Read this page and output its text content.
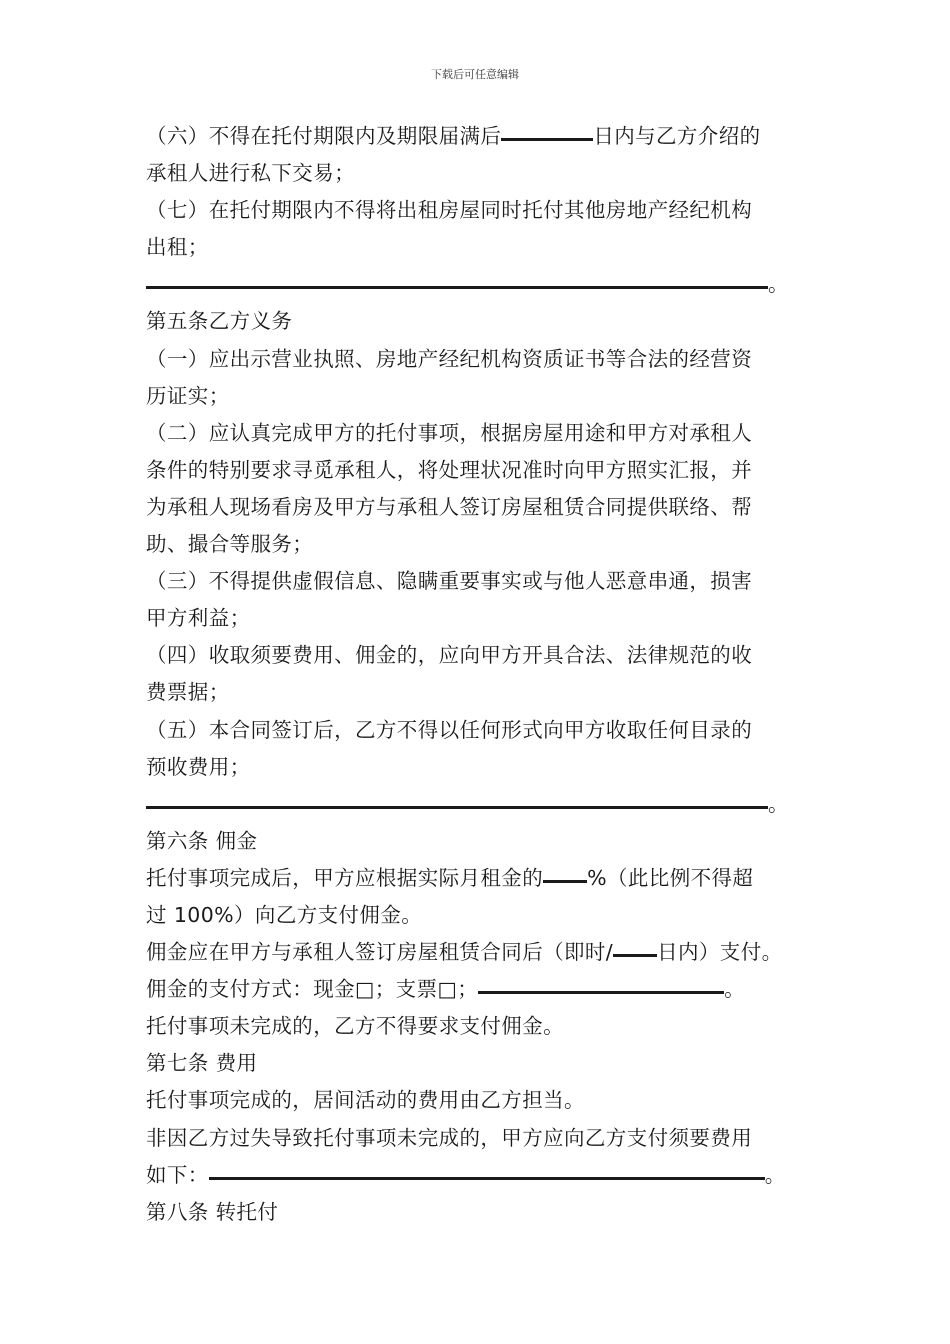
下载后可任意编辑
（六）不得在托付期限内及期限届满后	日内与乙方介绍的
承租人进行私下交易；
（七）在托付期限内不得将出租房屋同时托付其他房地产经纪机构
出租；
。
第五条乙方义务
（一）应出示营业执照、房地产经纪机构资质证书等合法的经营资
历证实；
（二）应认真完成甲方的托付事项，根据房屋用途和甲方对承租人
条件的特别要求寻觅承租人，将处理状况准时向甲方照实汇报，并
为承租人现场看房及甲方与承租人签订房屋租赁合同提供联络、帮
助、撮合等服务；
（三）不得提供虚假信息、隐瞒重要事实或与他人恶意串通，损害
甲方利益；
（四）收取须要费用、佣金的，应向甲方开具合法、法律规范的收
费票据；
（五）本合同签订后，乙方不得以任何形式向甲方收取任何目录的
预收费用；
。
第六条 佣金
托付事项完成后，甲方应根据实际月租金的 %（此比例不得超
过 100%）向乙方支付佣金。
佣金应在甲方与承租人签订房屋租赁合同后（即时/ 日内）支付。
佣金的支付方式：现金□；支票□；	。
托付事项未完成的，乙方不得要求支付佣金。
第七条 费用
托付事项完成的，居间活动的费用由乙方担当。
非因乙方过失导致托付事项未完成的，甲方应向乙方支付须要费用
如下：	。
第八条 转托付
